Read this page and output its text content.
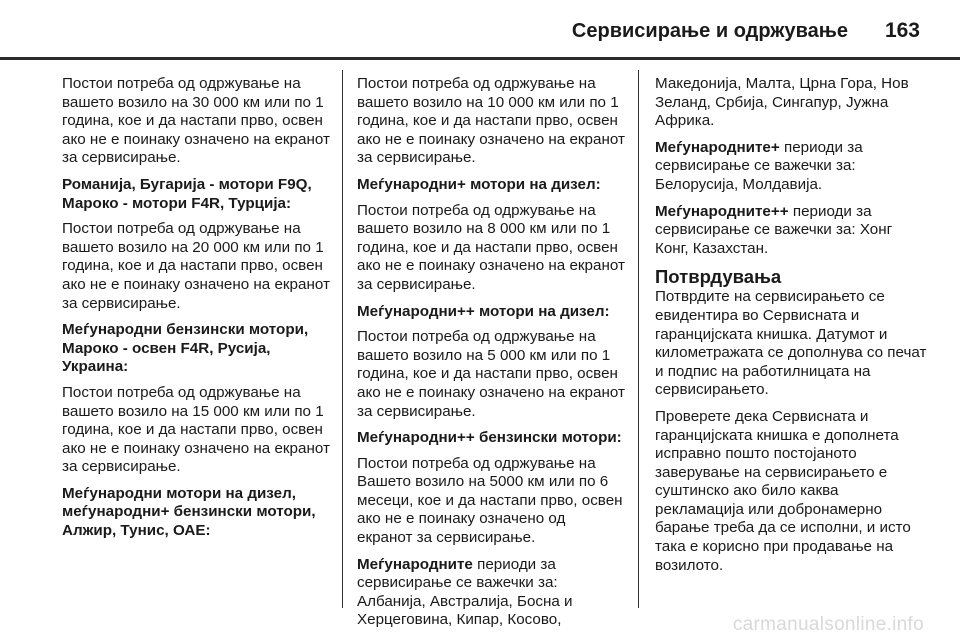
Сервисирање и одржување 163

Постои потреба од одржување на вашето возило на 30 000 км или по 1 година, кое и да настапи прво, освен ако не е поинаку означено на екранот за сервисирање.

Романија, Бугарија - мотори F9Q, Мароко - мотори F4R, Турција:

Постои потреба од одржување на вашето возило на 20 000 км или по 1 година, кое и да настапи прво, освен ако не е поинаку означено на екранот за сервисирање.

Меѓународни бензински мотори, Мароко - освен F4R, Русија, Украина:

Постои потреба од одржување на вашето возило на 15 000 км или по 1 година, кое и да настапи прво, освен ако не е поинаку означено на екранот за сервисирање.

Меѓународни мотори на дизел, меѓународни+ бензински мотори, Алжир, Тунис, ОАЕ:

Постои потреба од одржување на вашето возило на 10 000 км или по 1 година, кое и да настапи прво, освен ако не е поинаку означено на екранот за сервисирање.

Меѓународни+ мотори на дизел:

Постои потреба од одржување на вашето возило на 8 000 км или по 1 година, кое и да настапи прво, освен ако не е поинаку означено на екранот за сервисирање.

Меѓународни++ мотори на дизел:

Постои потреба од одржување на вашето возило на 5 000 км или по 1 година, кое и да настапи прво, освен ако не е поинаку означено на екранот за сервисирање.

Меѓународни++ бензински мотори:

Постои потреба од одржување на Вашето возило на 5000 км или по 6 месеци, кое и да настапи прво, освен ако не е поинаку означено од екранот за сервисирање.

Меѓународните периоди за сервисирање се важечки за: Албанија, Австралија, Босна и Херцеговина, Кипар, Косово,

Македонија, Малта, Црна Гора, Нов Зеланд, Србија, Сингапур, Јужна Африка.

Меѓународните+ периоди за сервисирање се важечки за: Белорусија, Молдавија.

Меѓународните++ периоди за сервисирање се важечки за: Хонг Конг, Казахстан.

Потврдувања

Потврдите на сервисирањето се евидентира во Сервисната и гаранцијската книшка. Датумот и километражата се дополнува со печат и подпис на работилницата на сервисирањето.

Проверете дека Сервисната и гаранцијската книшка е дополнета исправно пошто постојаното заверување на сервисирањето е суштинско ако било каква рекламација или добронамерно барање треба да се исполни, и исто така е корисно при продавање на возилото.

carmanualsonline.info
